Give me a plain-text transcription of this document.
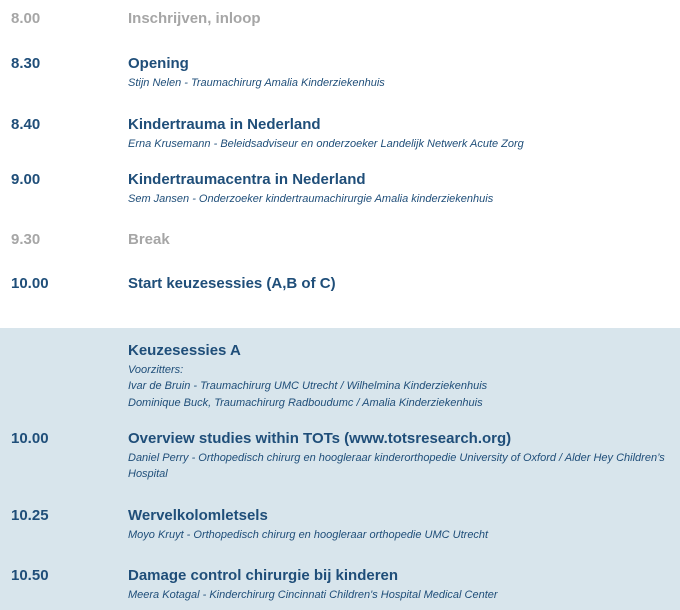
8.00	Inschrijven, inloop
8.30	Opening
Stijn Nelen - Traumachirurg Amalia Kinderziekenhuis
8.40	Kindertrauma in Nederland
Erna Krusemann - Beleidsadviseur en onderzoeker Landelijk Netwerk Acute Zorg
9.00	Kindertraumacentra in Nederland
Sem Jansen - Onderzoeker kindertraumachirurgie Amalia kinderziekenhuis
9.30	Break
10.00	Start keuzesessies (A,B of C)
Keuzesessies A
Voorzitters:
Ivar de Bruin - Traumachirurg UMC Utrecht / Wilhelmina Kinderziekenhuis
Dominique Buck, Traumachirurg Radboudumc / Amalia Kinderziekenhuis
10.00	Overview studies within TOTs (www.totsresearch.org)
Daniel Perry - Orthopedisch chirurg en hoogleraar kinderorthopedie University of Oxford / Alder Hey Children’s Hospital
10.25	Wervelkolomletsels
Moyo Kruyt - Orthopedisch chirurg en hoogleraar orthopedie UMC Utrecht
10.50	Damage control chirurgie bij kinderen
Meera Kotagal - Kinderchirurg Cincinnati Children's Hospital Medical Center
